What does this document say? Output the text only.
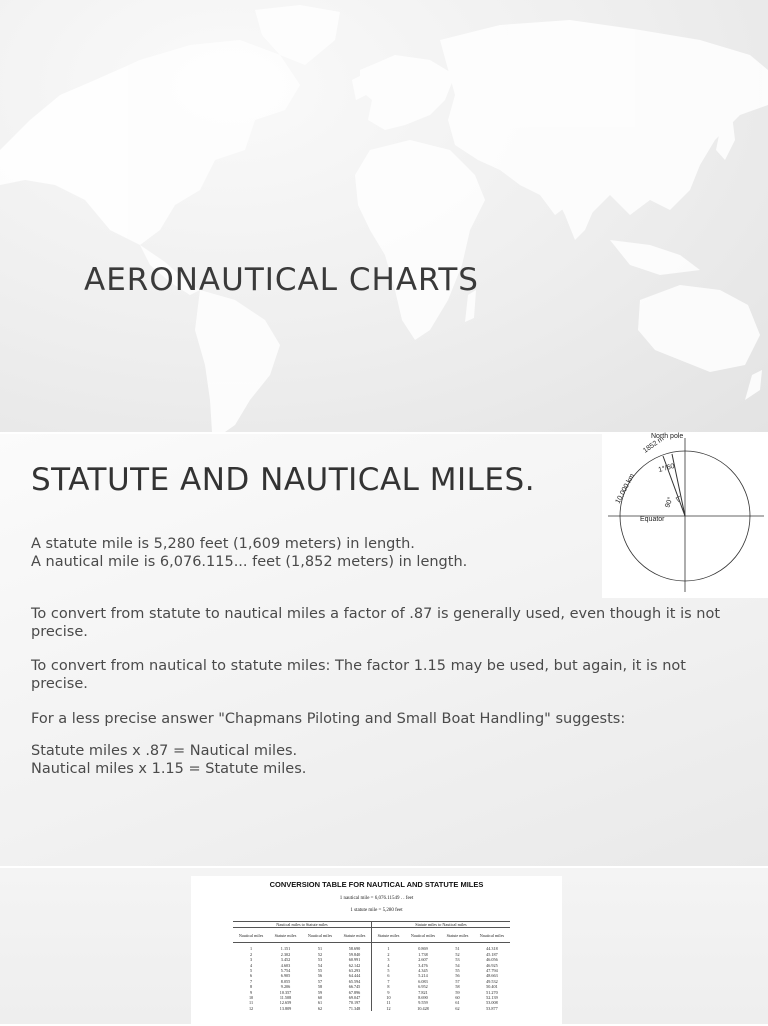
AERONAUTICAL CHARTS
STATUTE AND NAUTICAL MILES.

A statute mile is 5,280 feet (1,609 meters) in length.
A nautical mile is 6,076.115... feet (1,852 meters) in length.

To convert from statute to nautical miles a factor of .87 is generally used, even though it is not precise.

To convert from nautical to statute miles: The factor 1.15 may be used, but again, it is not precise.

For a less precise answer "Chapmans Piloting and Small Boat Handling" suggests:

Statute miles x .87 = Nautical miles.
Nautical miles x 1.15 = Statute miles.

North pole
Equator
10,000 km
1852 m
1°/60
90°
CONVERSION TABLE FOR NAUTICAL AND STATUTE MILES
1 nautical mile = 6,076.11549 . . feet
1 statute mile = 5,280 feet
Nautical miles to Statute miles				Statute miles to Nautical miles			
Nautical miles	Statute miles	Nautical miles	Statute miles	Statute miles	Nautical miles	Statute miles	Nautical miles
1	1.151	51	58.690	1	0.869	51	44.318
2	2.302	52	59.840	2	1.738	52	45.187
3	3.452	53	60.991	3	2.607	53	46.056
4	4.603	54	62.142	4	3.476	54	46.925
5	5.754	55	63.293	5	4.345	55	47.794
6	6.905	56	64.444	6	5.214	56	48.663
7	8.055	57	65.594	7	6.083	57	49.532
8	9.206	58	66.745	8	6.952	58	50.401
9	10.357	59	67.896	9	7.821	59	51.270
10	11.508	60	69.047	10	8.690	60	52.139
11	12.659	61	70.197	11	9.559	61	53.008
12	13.809	62	71.348	12	10.428	62	53.877
